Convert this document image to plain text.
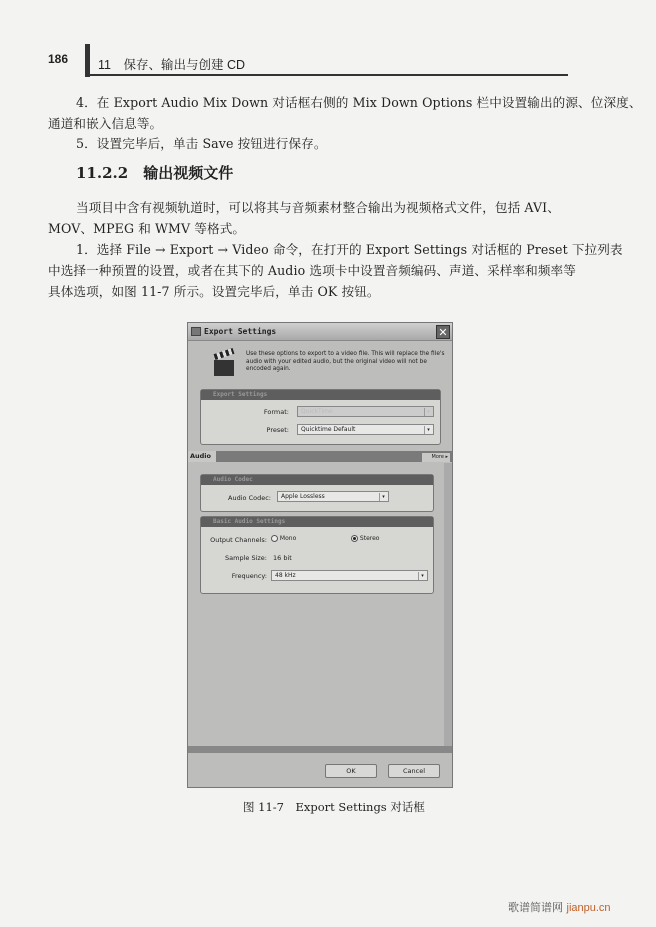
186 11　保存、输出与创建 CD
4．在 Export Audio Mix Down 对话框右侧的 Mix Down Options 栏中设置输出的源、位深度、
通道和嵌入信息等。
5．设置完毕后，单击 Save 按钮进行保存。
11.2.2　输出视频文件
当项目中含有视频轨道时，可以将其与音频素材整合输出为视频格式文件，包括 AVI、
MOV、MPEG 和 WMV 等格式。
1．选择 File → Export → Video 命令，在打开的 Export Settings 对话框的 Preset 下拉列表
中选择一种预置的设置，或者在其下的 Audio 选项卡中设置音频编码、声道、采样率和频率等
具体选项，如图 11-7 所示。设置完毕后，单击 OK 按钮。
Export Settings	✕
Use these options to export to a video file. This will replace the file's audio with your edited audio, but the original video will not be encoded again.
Export Settings
Format:	QuickTime	▾
Preset:	Quicktime Default	▾
Audio	More ▸
Audio Codec
Audio Codec:	Apple Lossless	▾
Basic Audio Settings
Output Channels:	Mono	Stereo
Sample Size: 16 bit
Frequency:	48 kHz	▾
OK	Cancel
图 11-7　Export Settings 对话框
歌谱简谱网 jianpu.cn
